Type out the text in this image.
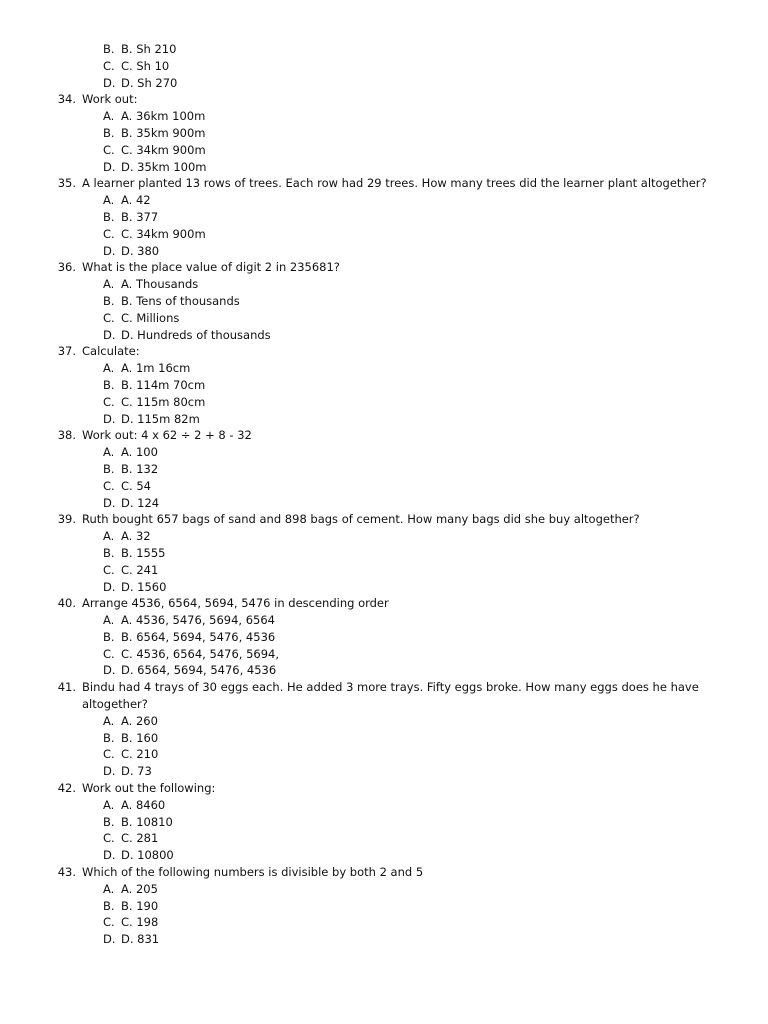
B. B. Sh 210
C. C. Sh 10
D. D. Sh 270
34. Work out:
A. A. 36km 100m
B. B. 35km 900m
C. C. 34km 900m
D. D. 35km 100m
35. A learner planted 13 rows of trees. Each row had 29 trees. How many trees did the learner plant altogether?
A. A. 42
B. B. 377
C. C. 34km 900m
D. D. 380
36. What is the place value of digit 2 in 235681?
A. A. Thousands
B. B. Tens of thousands
C. C. Millions
D. D. Hundreds of thousands
37. Calculate:
A. A. 1m 16cm
B. B. 114m 70cm
C. C. 115m 80cm
D. D. 115m 82m
38. Work out: 4 x 62 ÷ 2 + 8 - 32
A. A. 100
B. B. 132
C. C. 54
D. D. 124
39. Ruth bought 657 bags of sand and 898 bags of cement. How many bags did she buy altogether?
A. A. 32
B. B. 1555
C. C. 241
D. D. 1560
40. Arrange 4536, 6564, 5694, 5476 in descending order
A. A. 4536, 5476, 5694, 6564
B. B. 6564, 5694, 5476, 4536
C. C. 4536, 6564, 5476, 5694,
D. D. 6564, 5694, 5476, 4536
41. Bindu had 4 trays of 30 eggs each. He added 3 more trays. Fifty eggs broke. How many eggs does he have altogether?
A. A. 260
B. B. 160
C. C. 210
D. D. 73
42. Work out the following:
A. A. 8460
B. B. 10810
C. C. 281
D. D. 10800
43. Which of the following numbers is divisible by both 2 and 5
A. A. 205
B. B. 190
C. C. 198
D. D. 831
